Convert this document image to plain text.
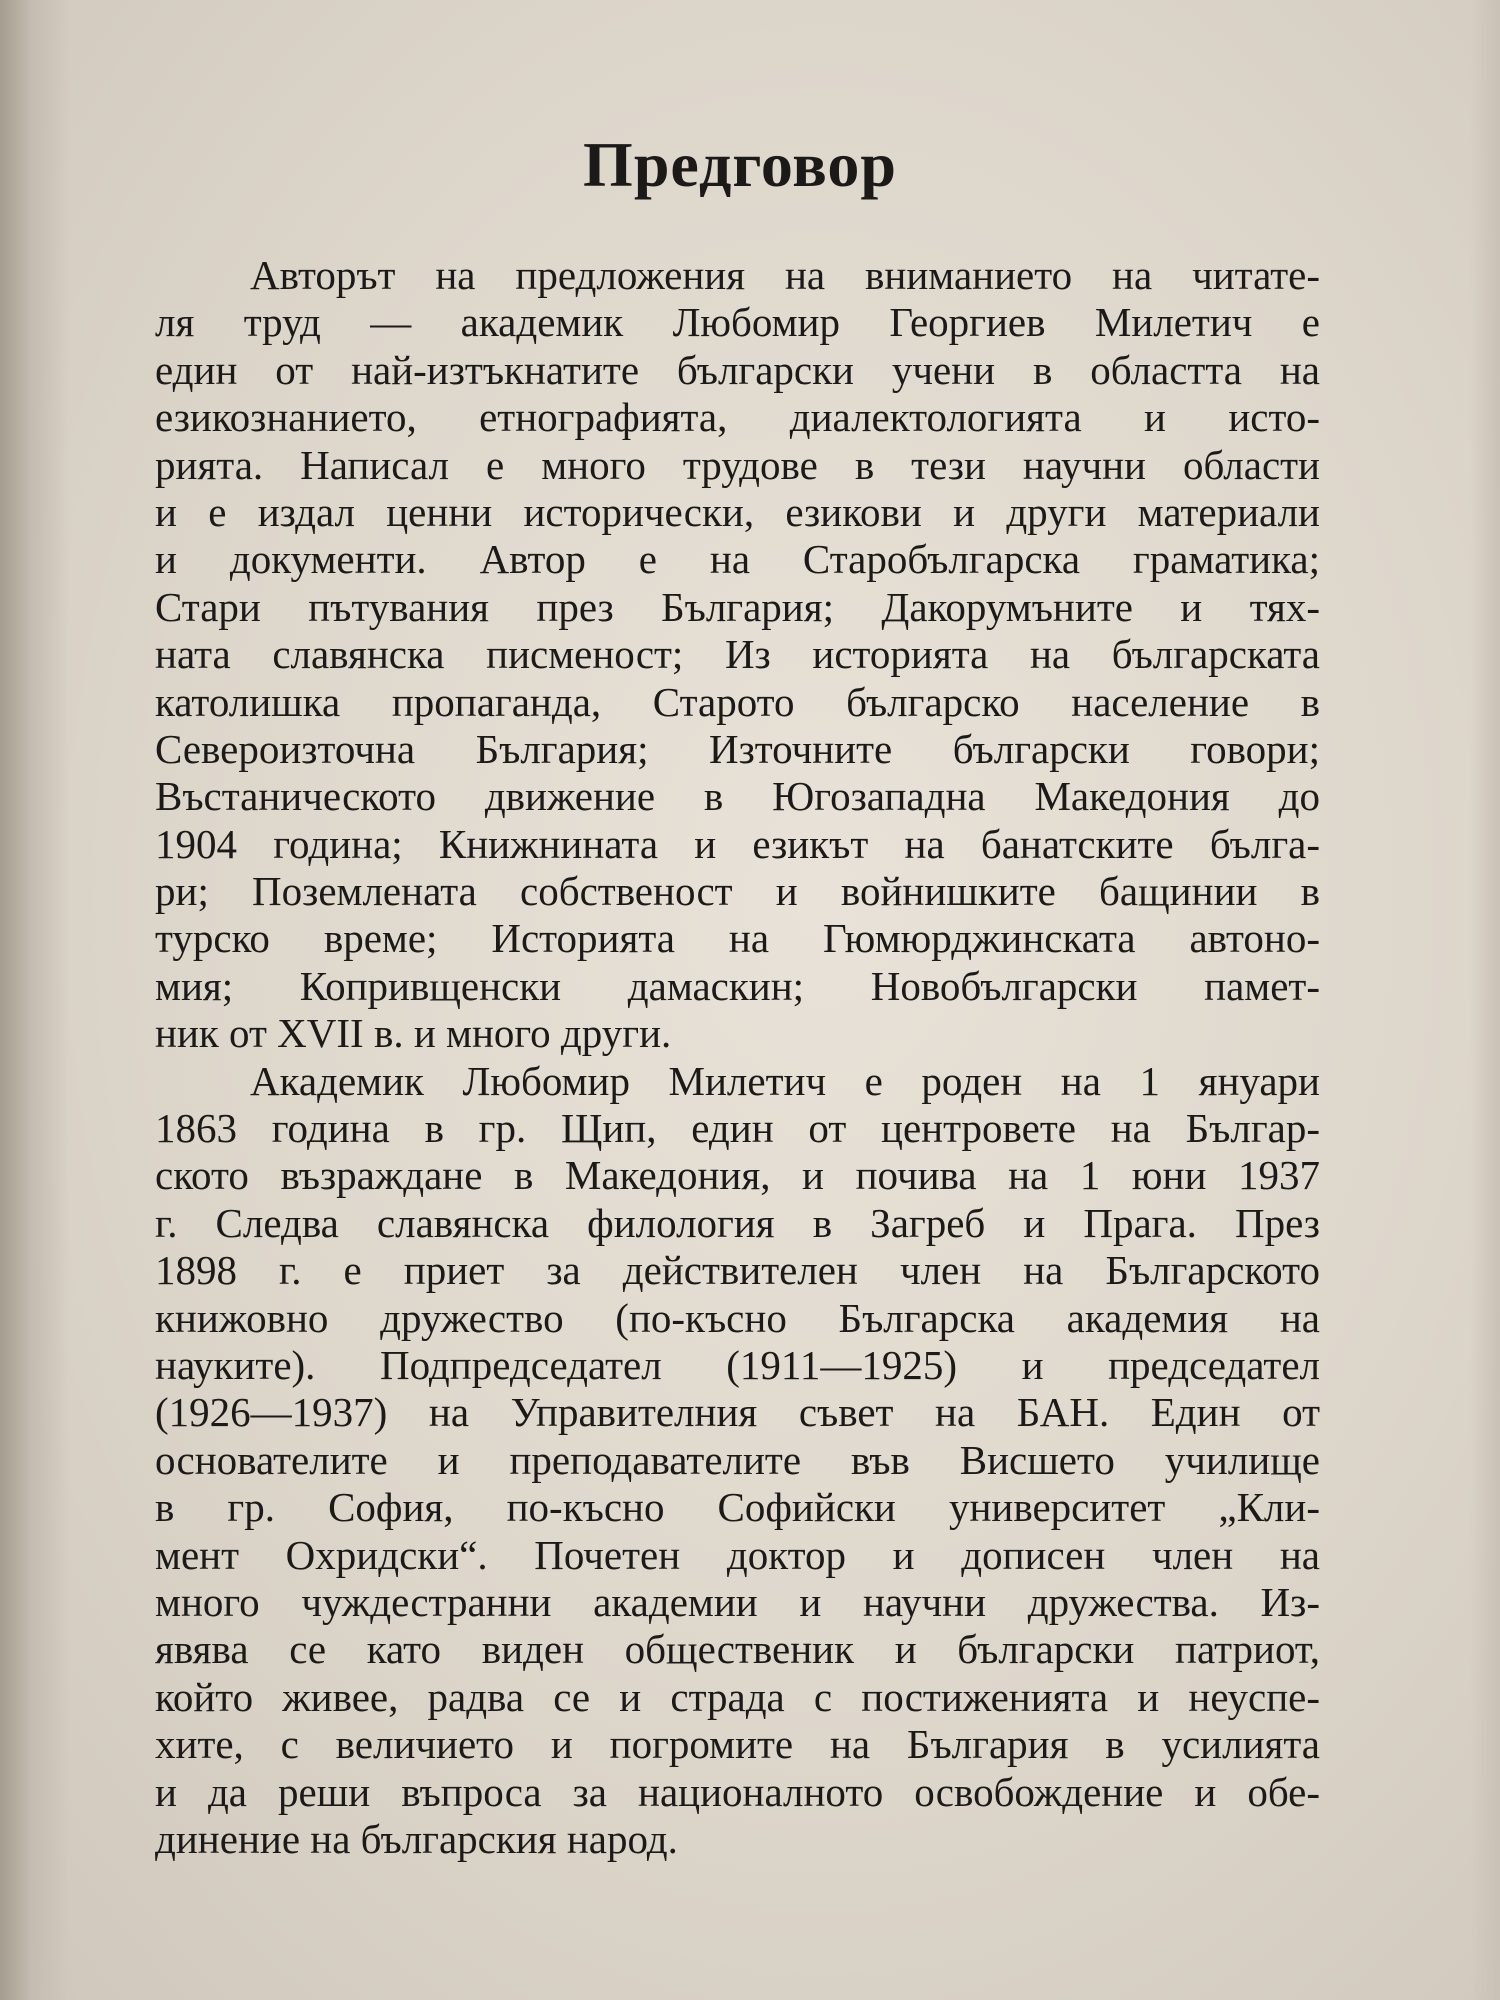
Предговор
Авторът на предложения на вниманието на читате-
ля труд — академик Любомир Георгиев Милетич е
един от най-изтъкнатите български учени в областта на
езикознанието, етнографията, диалектологията и исто-
рията. Написал е много трудове в тези научни области
и е издал ценни исторически, езикови и други материали
и документи. Автор е на Старобългарска граматика;
Стари пътувания през България; Дакорумъните и тях-
ната славянска писменост; Из историята на българската
католишка пропаганда, Старото българско население в
Североизточна България; Източните български говори;
Въстаническото движение в Югозападна Македония до
1904 година; Книжнината и езикът на банатските бълга-
ри; Поземлената собственост и войнишките бащинии в
турско време; Историята на Гюмюрджинската автоно-
мия; Копривщенски дамаскин; Новобългарски памет-
ник от XVII в. и много други.
Академик Любомир Милетич е роден на 1 януари
1863 година в гр. Щип, един от центровете на Българ-
ското възраждане в Македония, и почива на 1 юни 1937
г. Следва славянска филология в Загреб и Прага. През
1898 г. е приет за действителен член на Българското
книжовно дружество (по-късно Българска академия на
науките). Подпредседател (1911—1925) и председател
(1926—1937) на Управителния съвет на БАН. Един от
основателите и преподавателите във Висшето училище
в гр. София, по-късно Софийски университет „Кли-
мент Охридски“. Почетен доктор и дописен член на
много чуждестранни академии и научни дружества. Из-
явява се като виден общественик и български патриот,
който живее, радва се и страда с постиженията и неуспе-
хите, с величието и погромите на България в усилията
и да реши въпроса за националното освобождение и обе-
динение на българския народ.
